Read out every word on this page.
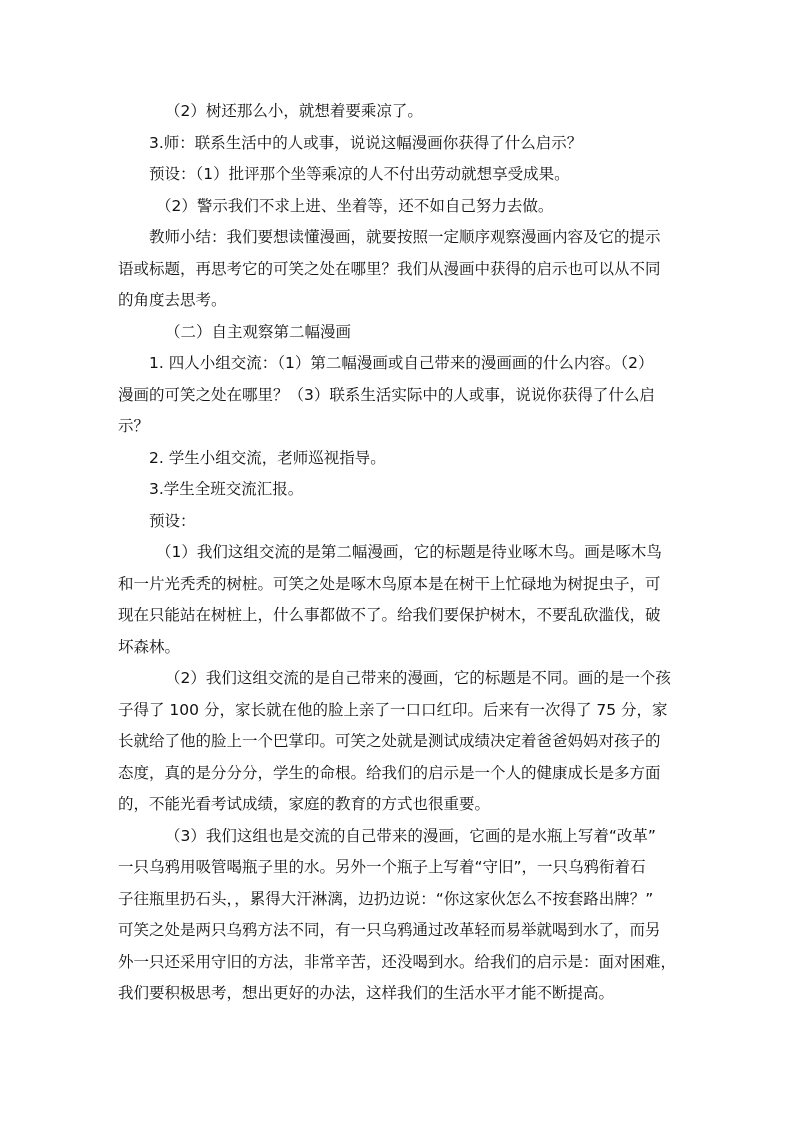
（2）树还那么小，就想着要乘凉了。

3.师：联系生活中的人或事，说说这幅漫画你获得了什么启示？

预设：（1）批评那个坐等乘凉的人不付出劳动就想享受成果。

（2）警示我们不求上进、坐着等，还不如自己努力去做。

教师小结：我们要想读懂漫画，就要按照一定顺序观察漫画内容及它的提示

语或标题，再思考它的可笑之处在哪里？我们从漫画中获得的启示也可以从不同

的角度去思考。

（二）自主观察第二幅漫画

1. 四人小组交流：（1）第二幅漫画或自己带来的漫画画的什么内容。（2）

漫画的可笑之处在哪里？（3）联系生活实际中的人或事，说说你获得了什么启

示？

2. 学生小组交流，老师巡视指导。

3.学生全班交流汇报。

预设：

（1）我们这组交流的是第二幅漫画，它的标题是待业啄木鸟。画是啄木鸟

和一片光秃秃的树桩。可笑之处是啄木鸟原本是在树干上忙碌地为树捉虫子，可

现在只能站在树桩上，什么事都做不了。给我们要保护树木，不要乱砍滥伐，破

坏森林。

（2）我们这组交流的是自己带来的漫画，它的标题是不同。画的是一个孩

子得了 100 分，家长就在他的脸上亲了一口口红印。后来有一次得了 75 分，家

长就给了他的脸上一个巴掌印。可笑之处就是测试成绩决定着爸爸妈妈对孩子的

态度，真的是分分分，学生的命根。给我们的启示是一个人的健康成长是多方面

的，不能光看考试成绩，家庭的教育的方式也很重要。

（3）我们这组也是交流的自己带来的漫画，它画的是水瓶上写着“改革”

一只乌鸦用吸管喝瓶子里的水。另外一个瓶子上写着“守旧”，一只乌鸦衔着石

子往瓶里扔石头，，累得大汗淋漓，边扔边说：“你这家伙怎么不按套路出牌？”

可笑之处是两只乌鸦方法不同，有一只乌鸦通过改革轻而易举就喝到水了，而另

外一只还采用守旧的方法，非常辛苦，还没喝到水。给我们的启示是：面对困难，

我们要积极思考，想出更好的办法，这样我们的生活水平才能不断提高。
